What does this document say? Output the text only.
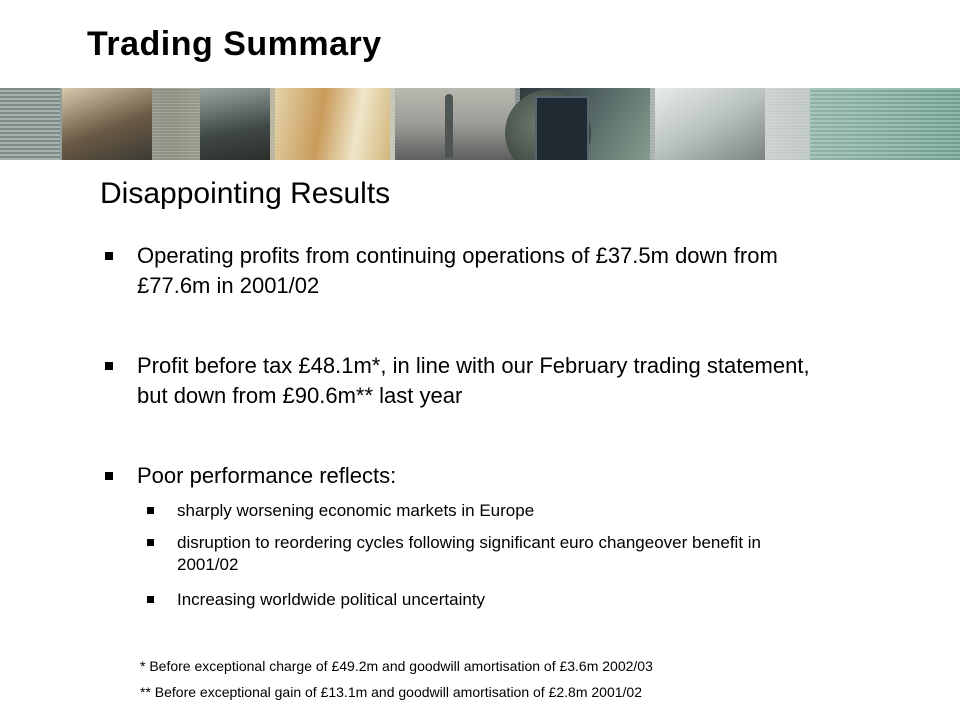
Trading Summary
Disappointing Results
Operating profits from continuing operations of £37.5m down from £77.6m in 2001/02
Profit before tax £48.1m*, in line with our February trading statement, but down from £90.6m** last year
Poor performance reflects:
sharply worsening economic markets in Europe
disruption to reordering cycles following significant euro changeover benefit in 2001/02
Increasing worldwide political uncertainty
* Before exceptional charge of £49.2m and goodwill amortisation of £3.6m 2002/03
** Before exceptional gain of £13.1m and goodwill amortisation of £2.8m 2001/02
